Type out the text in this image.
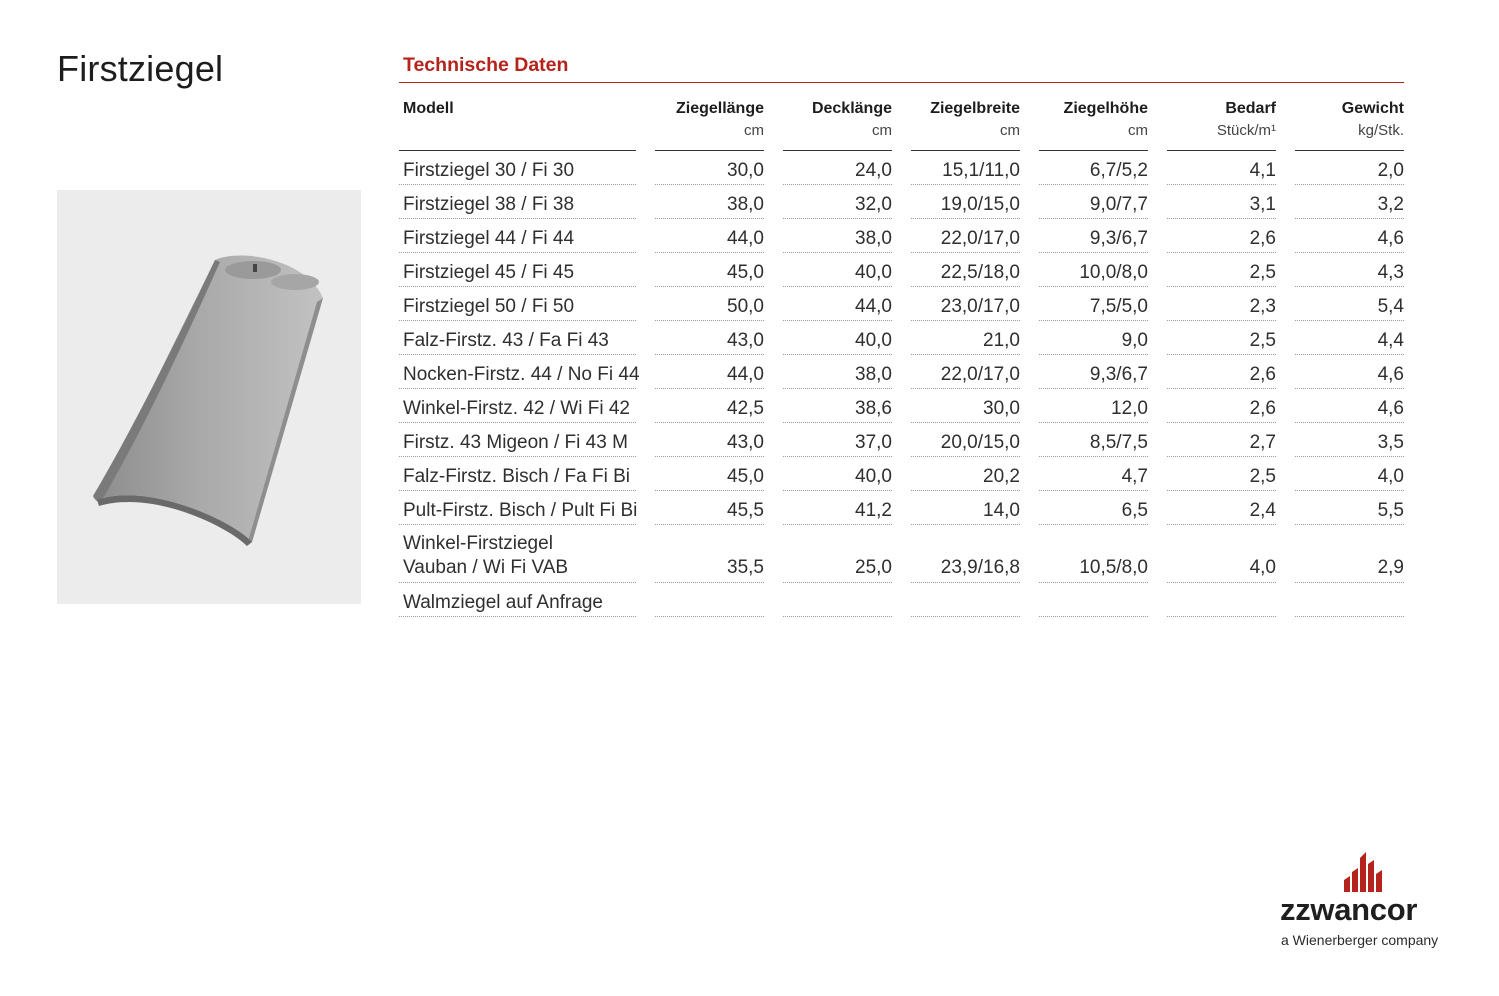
Firstziegel	Technische Daten
Modell
Firstziegel 30 / Fi 30
Firstziegel 38 / Fi 38
Firstziegel 44 / Fi 44
Firstziegel 45 / Fi 45
Firstziegel 50 / Fi 50
Falz-Firstz. 43 / Fa Fi 43
Nocken-Firstz. 44 / No Fi 44
Winkel-Firstz. 42 / Wi Fi 42
Firstz. 43 Migeon / Fi 43 M
Falz-Firstz. Bisch / Fa Fi Bi
Pult-Firstz. Bisch / Pult Fi Bi
Winkel-Firstziegel
Vauban / Wi Fi VAB
Walmziegel auf Anfrage
Ziegellänge
cm
30,0
38,0
44,0
45,0
50,0
43,0
44,0
42,5
43,0
45,0
45,5
35,5
Decklänge
cm
24,0
32,0
38,0
40,0
44,0
40,0
38,0
38,6
37,0
40,0
41,2
25,0
Ziegelbreite
cm
15,1/11,0
19,0/15,0
22,0/17,0
22,5/18,0
23,0/17,0
21,0
22,0/17,0
30,0
20,0/15,0
20,2
14,0
23,9/16,8
Ziegelhöhe
cm
6,7/5,2
9,0/7,7
9,3/6,7
10,0/8,0
7,5/5,0
9,0
9,3/6,7
12,0
8,5/7,5
4,7
6,5
10,5/8,0
Bedarf
Stück/m¹
4,1
3,1
2,6
2,5
2,3
2,5
2,6
2,6
2,7
2,5
2,4
4,0
Gewicht
kg/Stk.
2,0
3,2
4,6
4,3
5,4
4,4
4,6
4,6
3,5
4,0
5,5
2,9
zzwancor
a Wienerberger company
